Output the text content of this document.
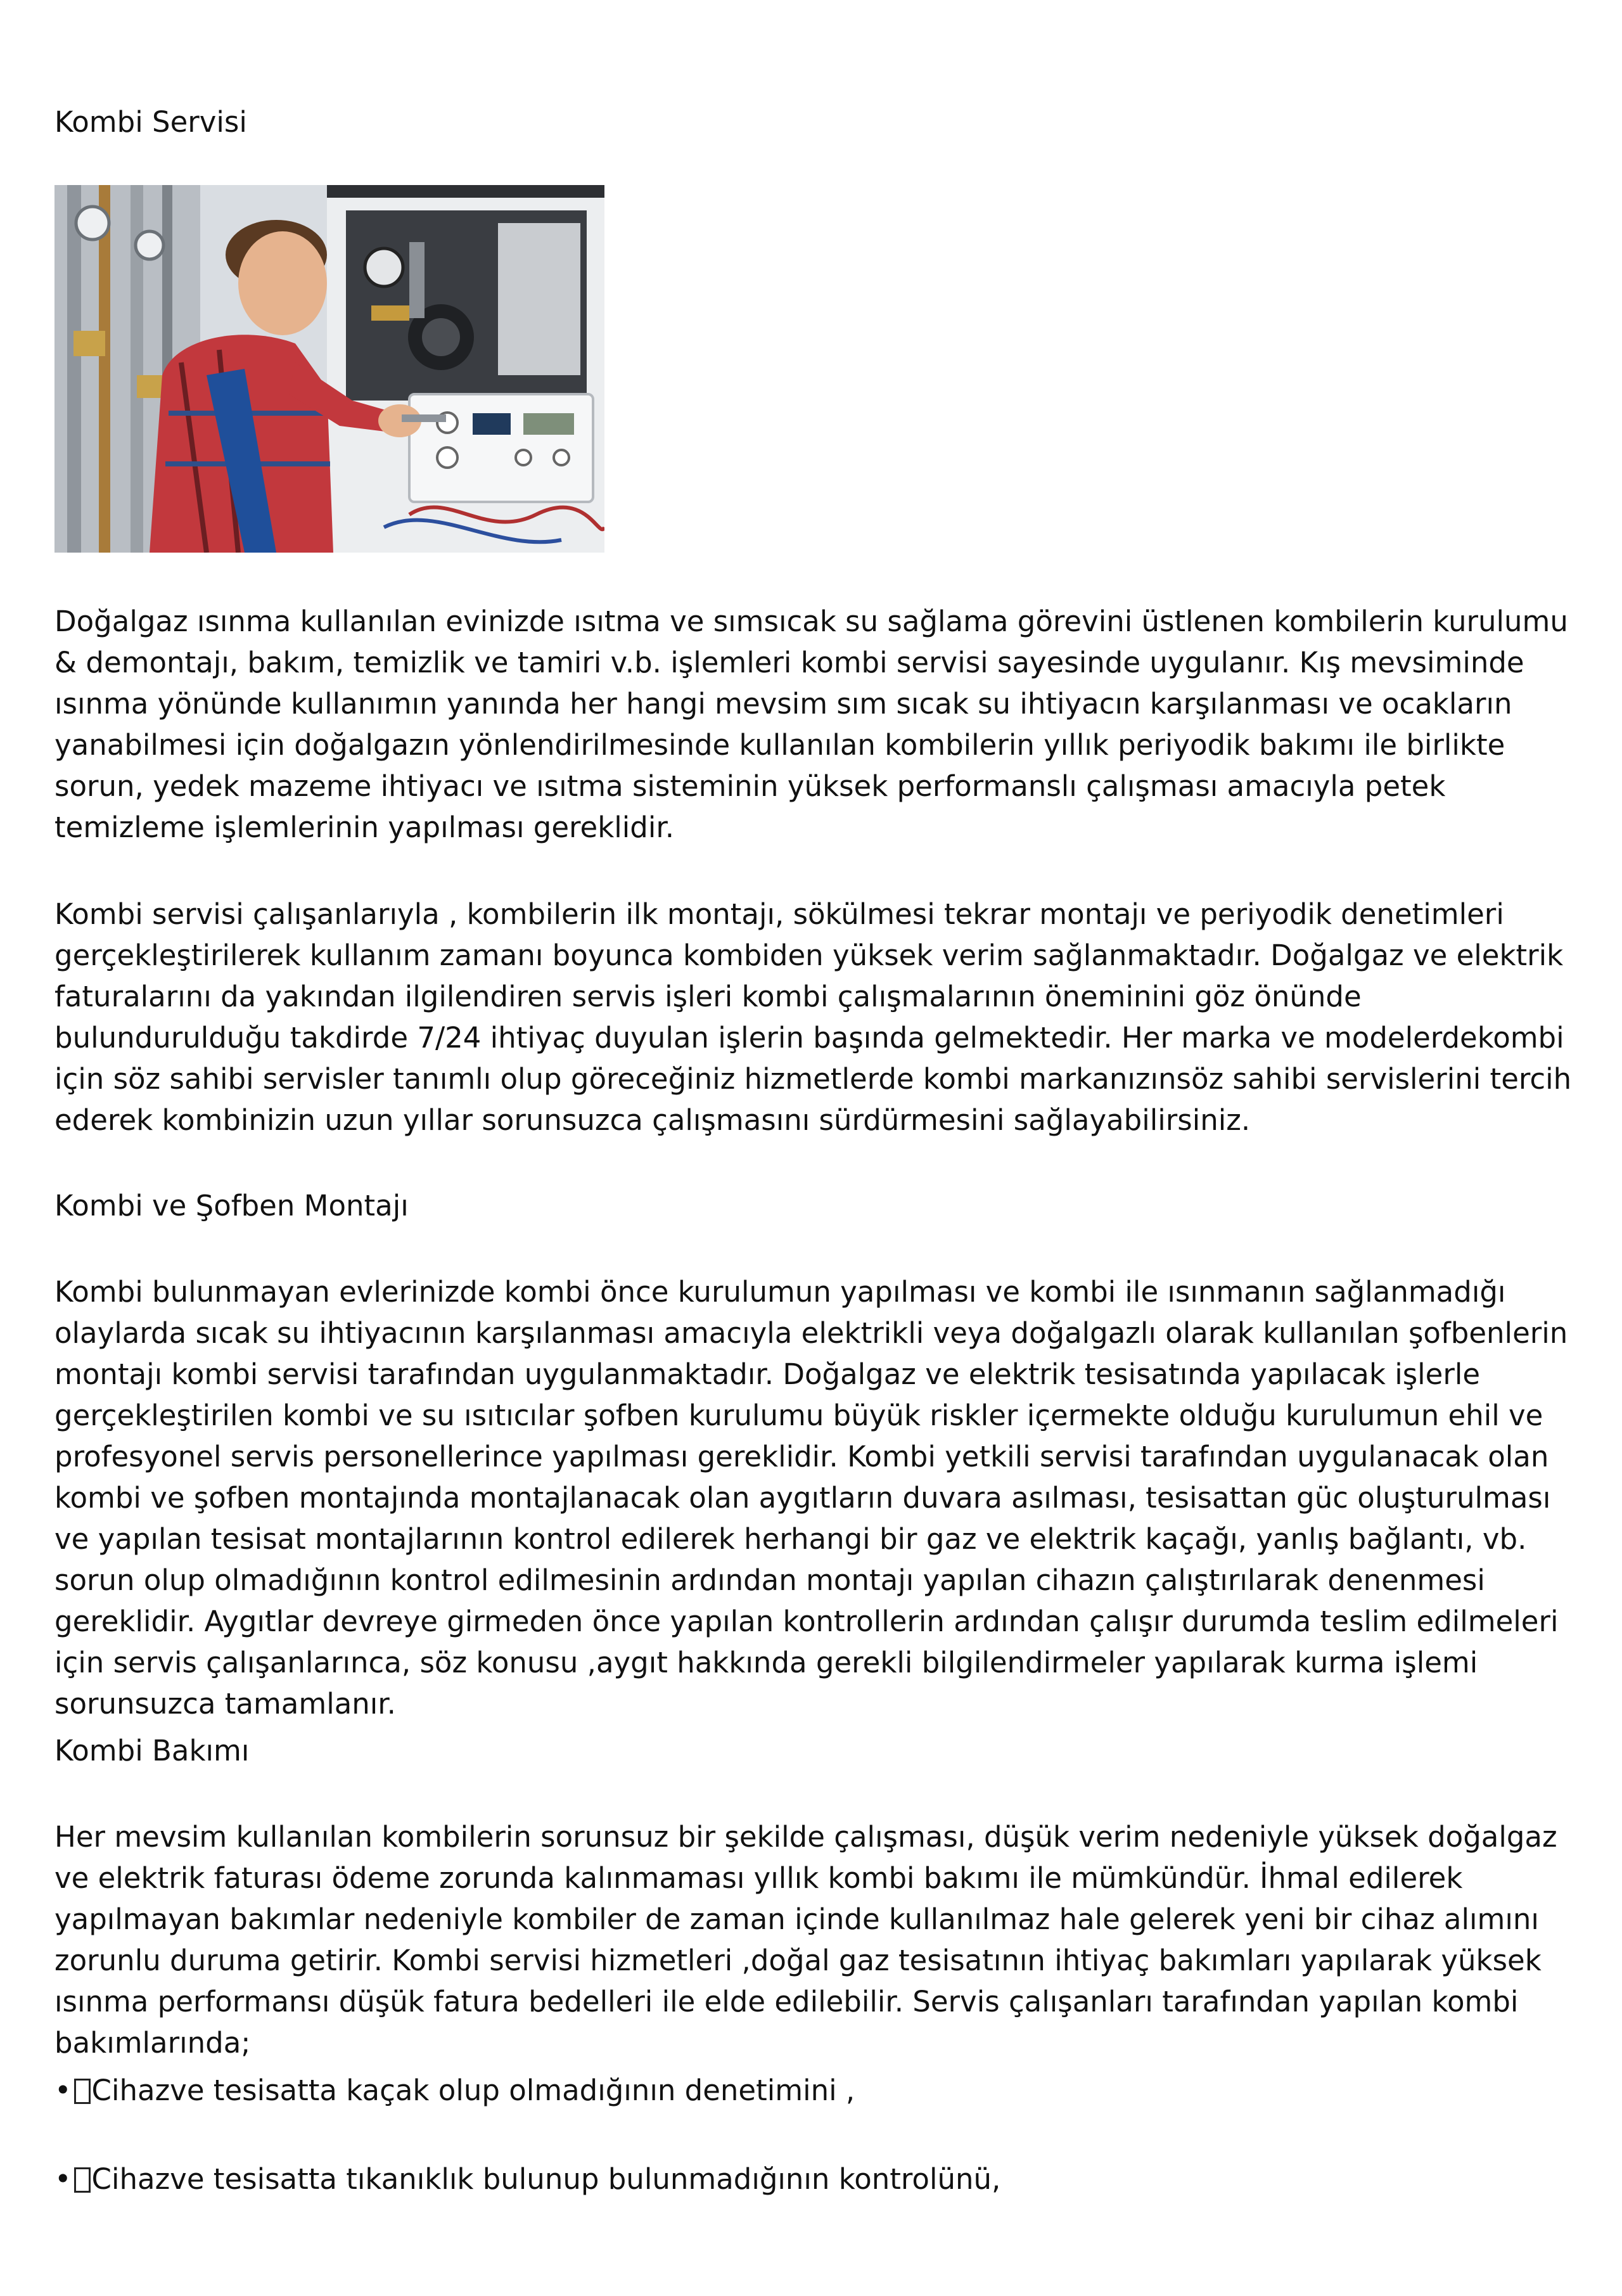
Kombi Servisi

Doğalgaz ısınma kullanılan evinizde ısıtma ve sımsıcak su sağlama görevini üstlenen kombilerin kurulumu & demontajı, bakım, temizlik ve tamiri v.b. işlemleri kombi servisi sayesinde uygulanır. Kış mevsiminde ısınma yönünde kullanımın yanında her hangi mevsim sım sıcak su ihtiyacın karşılanması ve ocakların yanabilmesi için doğalgazın yönlendirilmesinde kullanılan kombilerin yıllık periyodik bakımı ile birlikte sorun, yedek mazeme ihtiyacı ve ısıtma sisteminin yüksek performanslı çalışması amacıyla petek temizleme işlemlerinin yapılması gereklidir.

Kombi servisi çalışanlarıyla , kombilerin ilk montajı, sökülmesi tekrar montajı ve periyodik denetimleri gerçekleştirilerek kullanım zamanı boyunca kombiden yüksek verim sağlanmaktadır. Doğalgaz ve elektrik faturalarını da yakından ilgilendiren servis işleri kombi çalışmalarının öneminini göz önünde bulundurulduğu takdirde 7/24 ihtiyaç duyulan işlerin başında gelmektedir. Her marka ve modelerdekombi için söz sahibi servisler tanımlı olup göreceğiniz hizmetlerde kombi markanızınsöz sahibi servislerini tercih ederek kombinizin uzun yıllar sorunsuzca çalışmasını sürdürmesini sağlayabilirsiniz.

Kombi ve Şofben Montajı

Kombi bulunmayan evlerinizde kombi önce kurulumun yapılması ve kombi ile ısınmanın sağlanmadığı olaylarda sıcak su ihtiyacının karşılanması amacıyla elektrikli veya doğalgazlı olarak kullanılan şofbenlerin montajı kombi servisi tarafından uygulanmaktadır. Doğalgaz ve elektrik tesisatında yapılacak işlerle gerçekleştirilen kombi ve su ısıtıcılar şofben kurulumu büyük riskler içermekte olduğu kurulumun ehil ve profesyonel servis personellerince yapılması gereklidir. Kombi yetkili servisi tarafından uygulanacak olan kombi ve şofben montajında montajlanacak olan aygıtların duvara asılması, tesisattan güc oluşturulması ve yapılan tesisat montajlarının kontrol edilerek herhangi bir gaz ve elektrik kaçağı, yanlış bağlantı, vb. sorun olup olmadığının kontrol edilmesinin ardından montajı yapılan cihazın çalıştırılarak denenmesi gereklidir. Aygıtlar devreye girmeden önce yapılan kontrollerin ardından çalışır durumda teslim edilmeleri için servis çalışanlarınca, söz konusu ,aygıt hakkında gerekli bilgilendirmeler yapılarak kurma işlemi sorunsuzca tamamlanır.

Kombi Bakımı

Her mevsim kullanılan kombilerin sorunsuz bir şekilde çalışması, düşük verim nedeniyle yüksek doğalgaz ve elektrik faturası ödeme zorunda kalınmaması yıllık kombi bakımı ile mümkündür. İhmal edilerek yapılmayan bakımlar nedeniyle kombiler de zaman içinde kullanılmaz hale gelerek yeni bir cihaz alımını zorunlu duruma getirir. Kombi servisi hizmetleri ,doğal gaz tesisatının ihtiyaç bakımları yapılarak yüksek ısınma performansı düşük fatura bedelleri ile elde edilebilir. Servis çalışanları tarafından yapılan kombi bakımlarında;

• Cihazve tesisatta kaçak olup olmadığının denetimini ,

• Cihazve tesisatta tıkanıklık bulunup bulunmadığının kontrolünü,
